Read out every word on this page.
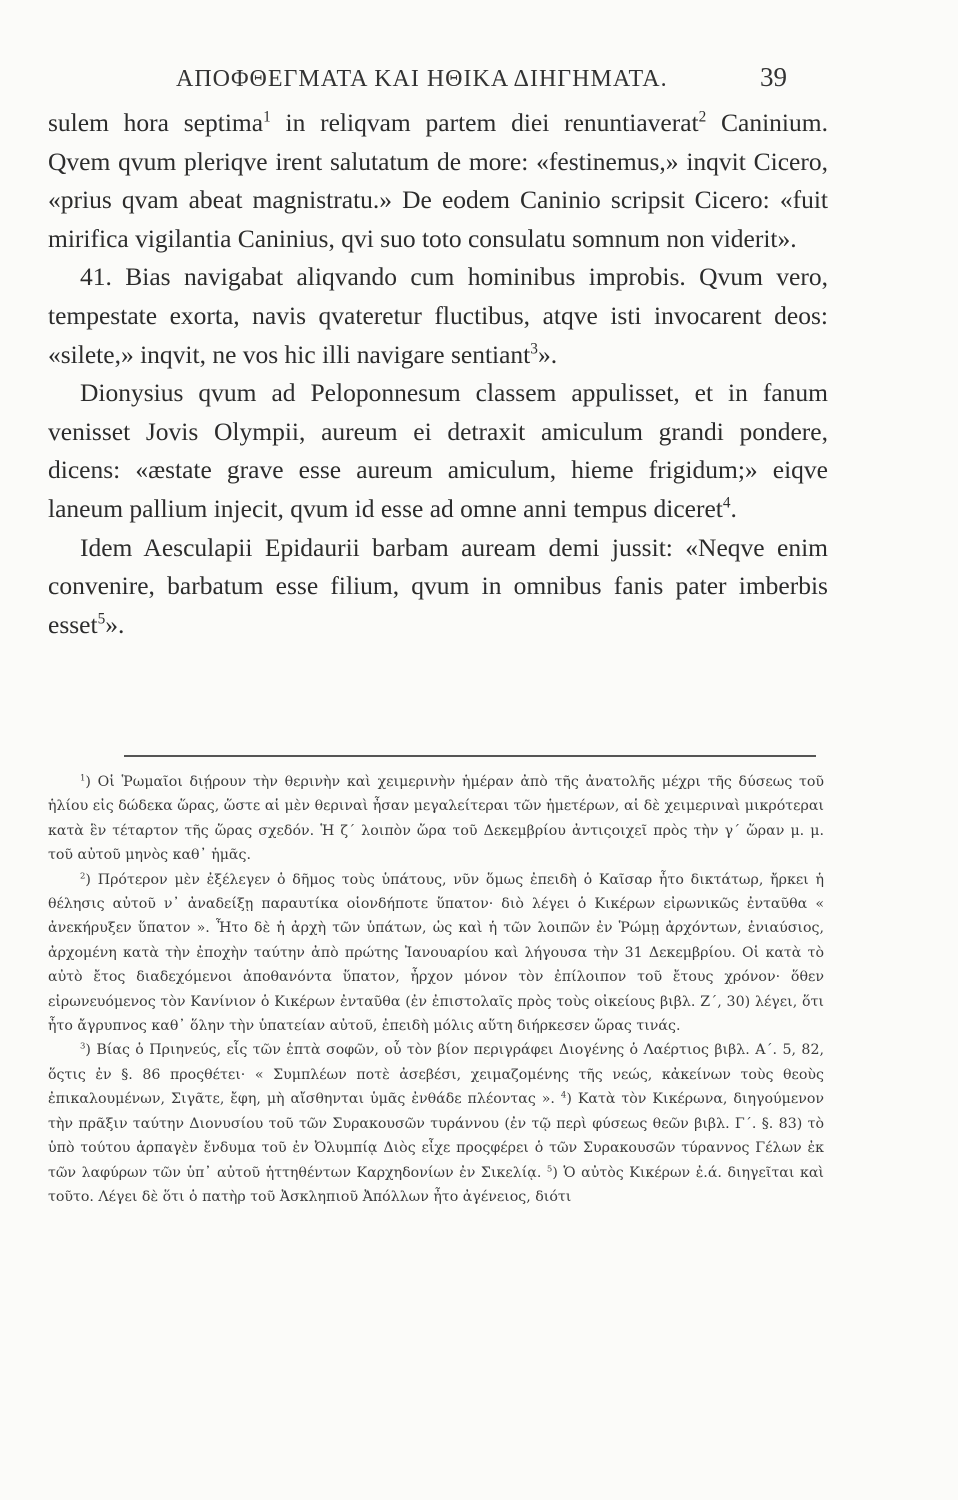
ΑΠΟΦΘΕΓΜΑΤΑ ΚΑΙ ΗΘΙΚΑ ΔΙΗΓΗΜΑΤΑ.	39

sulem hora septima$^1$ in reliqvam partem diei renuntiaverat$^2$ Caninium. Qvem qvum pleriqve irent salutatum de more: «festinemus,» inqvit Cicero, «prius qvam abeat magnistratu.» De eodem Caninio scripsit Cicero: «fuit mirifica vigilantia Caninius, qvi suo toto consulatu somnum non viderit».

41. Bias navigabat aliqvando cum hominibus improbis. Qvum vero, tempestate exorta, navis qvateretur fluctibus, atqve isti invocarent deos: «silete,» inqvit, ne vos hic illi navigare sentiant$^3$».

Dionysius qvum ad Peloponnesum classem appulisset, et in fanum venisset Jovis Olympii, aureum ei detraxit amiculum grandi pondere, dicens: «æstate grave esse aureum amiculum, hieme frigidum;» eiqve laneum pallium injecit, qvum id esse ad omne anni tempus diceret$^4$.

Idem Aesculapii Epidaurii barbam auream demi jussit: «Neqve enim convenire, barbatum esse filium, qvum in omnibus fanis pater imberbis esset$^5$».

$^1$) Οἱ Ῥωμαῖοι διῄρουν τὴν θερινὴν καὶ χειμερινὴν ἡμέραν ἀπὸ τῆς ἀνατολῆς μέχρι τῆς δύσεως τοῦ ἡλίου εἰς δώδεκα ὥρας, ὥστε αἱ μὲν θεριναὶ ἦσαν μεγαλείτεραι τῶν ἡμετέρων, αἱ δὲ χειμεριναὶ μικρότεραι κατὰ ἓν τέταρτον τῆς ὥρας σχεδόν. Ἡ ζ΄ λοιπὸν ὥρα τοῦ Δεκεμβρίου ἀντιςοιχεῖ πρὸς τὴν γ΄ ὥραν μ. μ. τοῦ αὐτοῦ μηνὸς καθ᾽ ἡμᾶς.

$^2$) Πρότερον μὲν ἐξέλεγεν ὁ δῆμος τοὺς ὑπάτους, νῦν ὅμως ἐπειδὴ ὁ Καῖσαρ ἦτο δικτάτωρ, ἤρκει ἡ θέλησις αὐτοῦ ν᾽ ἀναδείξῃ παραυτίκα οἱονδήποτε ὕπατον· διὸ λέγει ὁ Κικέρων εἰρωνικῶς ἐνταῦθα « ἀνεκήρυξεν ὕπατον ». Ἦτο δὲ ἡ ἀρχὴ τῶν ὑπάτων, ὡς καὶ ἡ τῶν λοιπῶν ἐν Ῥώμῃ ἀρχόντων, ἐνιαύσιος, ἀρχομένη κατὰ τὴν ἐποχὴν ταύτην ἀπὸ πρώτης Ἰανουαρίου καὶ λήγουσα τὴν 31 Δεκεμβρίου. Οἱ κατὰ τὸ αὐτὸ ἔτος διαδεχόμενοι ἀποθανόντα ὕπατον, ἦρχον μόνον τὸν ἐπίλοιπον τοῦ ἔτους χρόνον· ὅθεν εἰρωνευόμενος τὸν Κανίνιον ὁ Κικέρων ἐνταῦθα (ἐν ἐπιστολαῖς πρὸς τοὺς οἰκείους βιβλ. Ζ΄, 30) λέγει, ὅτι ἦτο ἄγρυπνος καθ᾽ ὅλην τὴν ὑπατείαν αὐτοῦ, ἐπειδὴ μόλις αὕτη διήρκεσεν ὥρας τινάς.

$^3$) Βίας ὁ Πριηνεύς, εἷς τῶν ἑπτὰ σοφῶν, οὗ τὸν βίον περιγράφει Διογένης ὁ Λαέρτιος βιβλ. Α΄. 5, 82, ὅςτις ἐν §. 86 προςθέτει· « Συμπλέων ποτὲ ἀσεβέσι, χειμαζομένης τῆς νεώς, κἀκείνων τοὺς θεοὺς ἐπικαλουμένων, Σιγᾶτε, ἔφη, μὴ αἴσθηνται ὑμᾶς ἐνθάδε πλέοντας ». $^4$) Κατὰ τὸν Κικέρωνα, διηγούμενον τὴν πρᾶξιν ταύτην Διονυσίου τοῦ τῶν Συρακουσῶν τυράννου (ἐν τῷ περὶ φύσεως θεῶν βιβλ. Γ΄. §. 83) τὸ ὑπὸ τούτου ἁρπαγὲν ἔνδυμα τοῦ ἐν Ὀλυμπίᾳ Διὸς εἶχε προςφέρει ὁ τῶν Συρακουσῶν τύραννος Γέλων ἐκ τῶν λαφύρων τῶν ὑπ᾽ αὐτοῦ ἡττηθέντων Καρχηδονίων ἐν Σικελίᾳ. $^5$) Ὁ αὐτὸς Κικέρων ἐ.ά. διηγεῖται καὶ τοῦτο. Λέγει δὲ ὅτι ὁ πατὴρ τοῦ Ἀσκληπιοῦ Ἀπόλλων ἦτο ἀγένειος, διότι
